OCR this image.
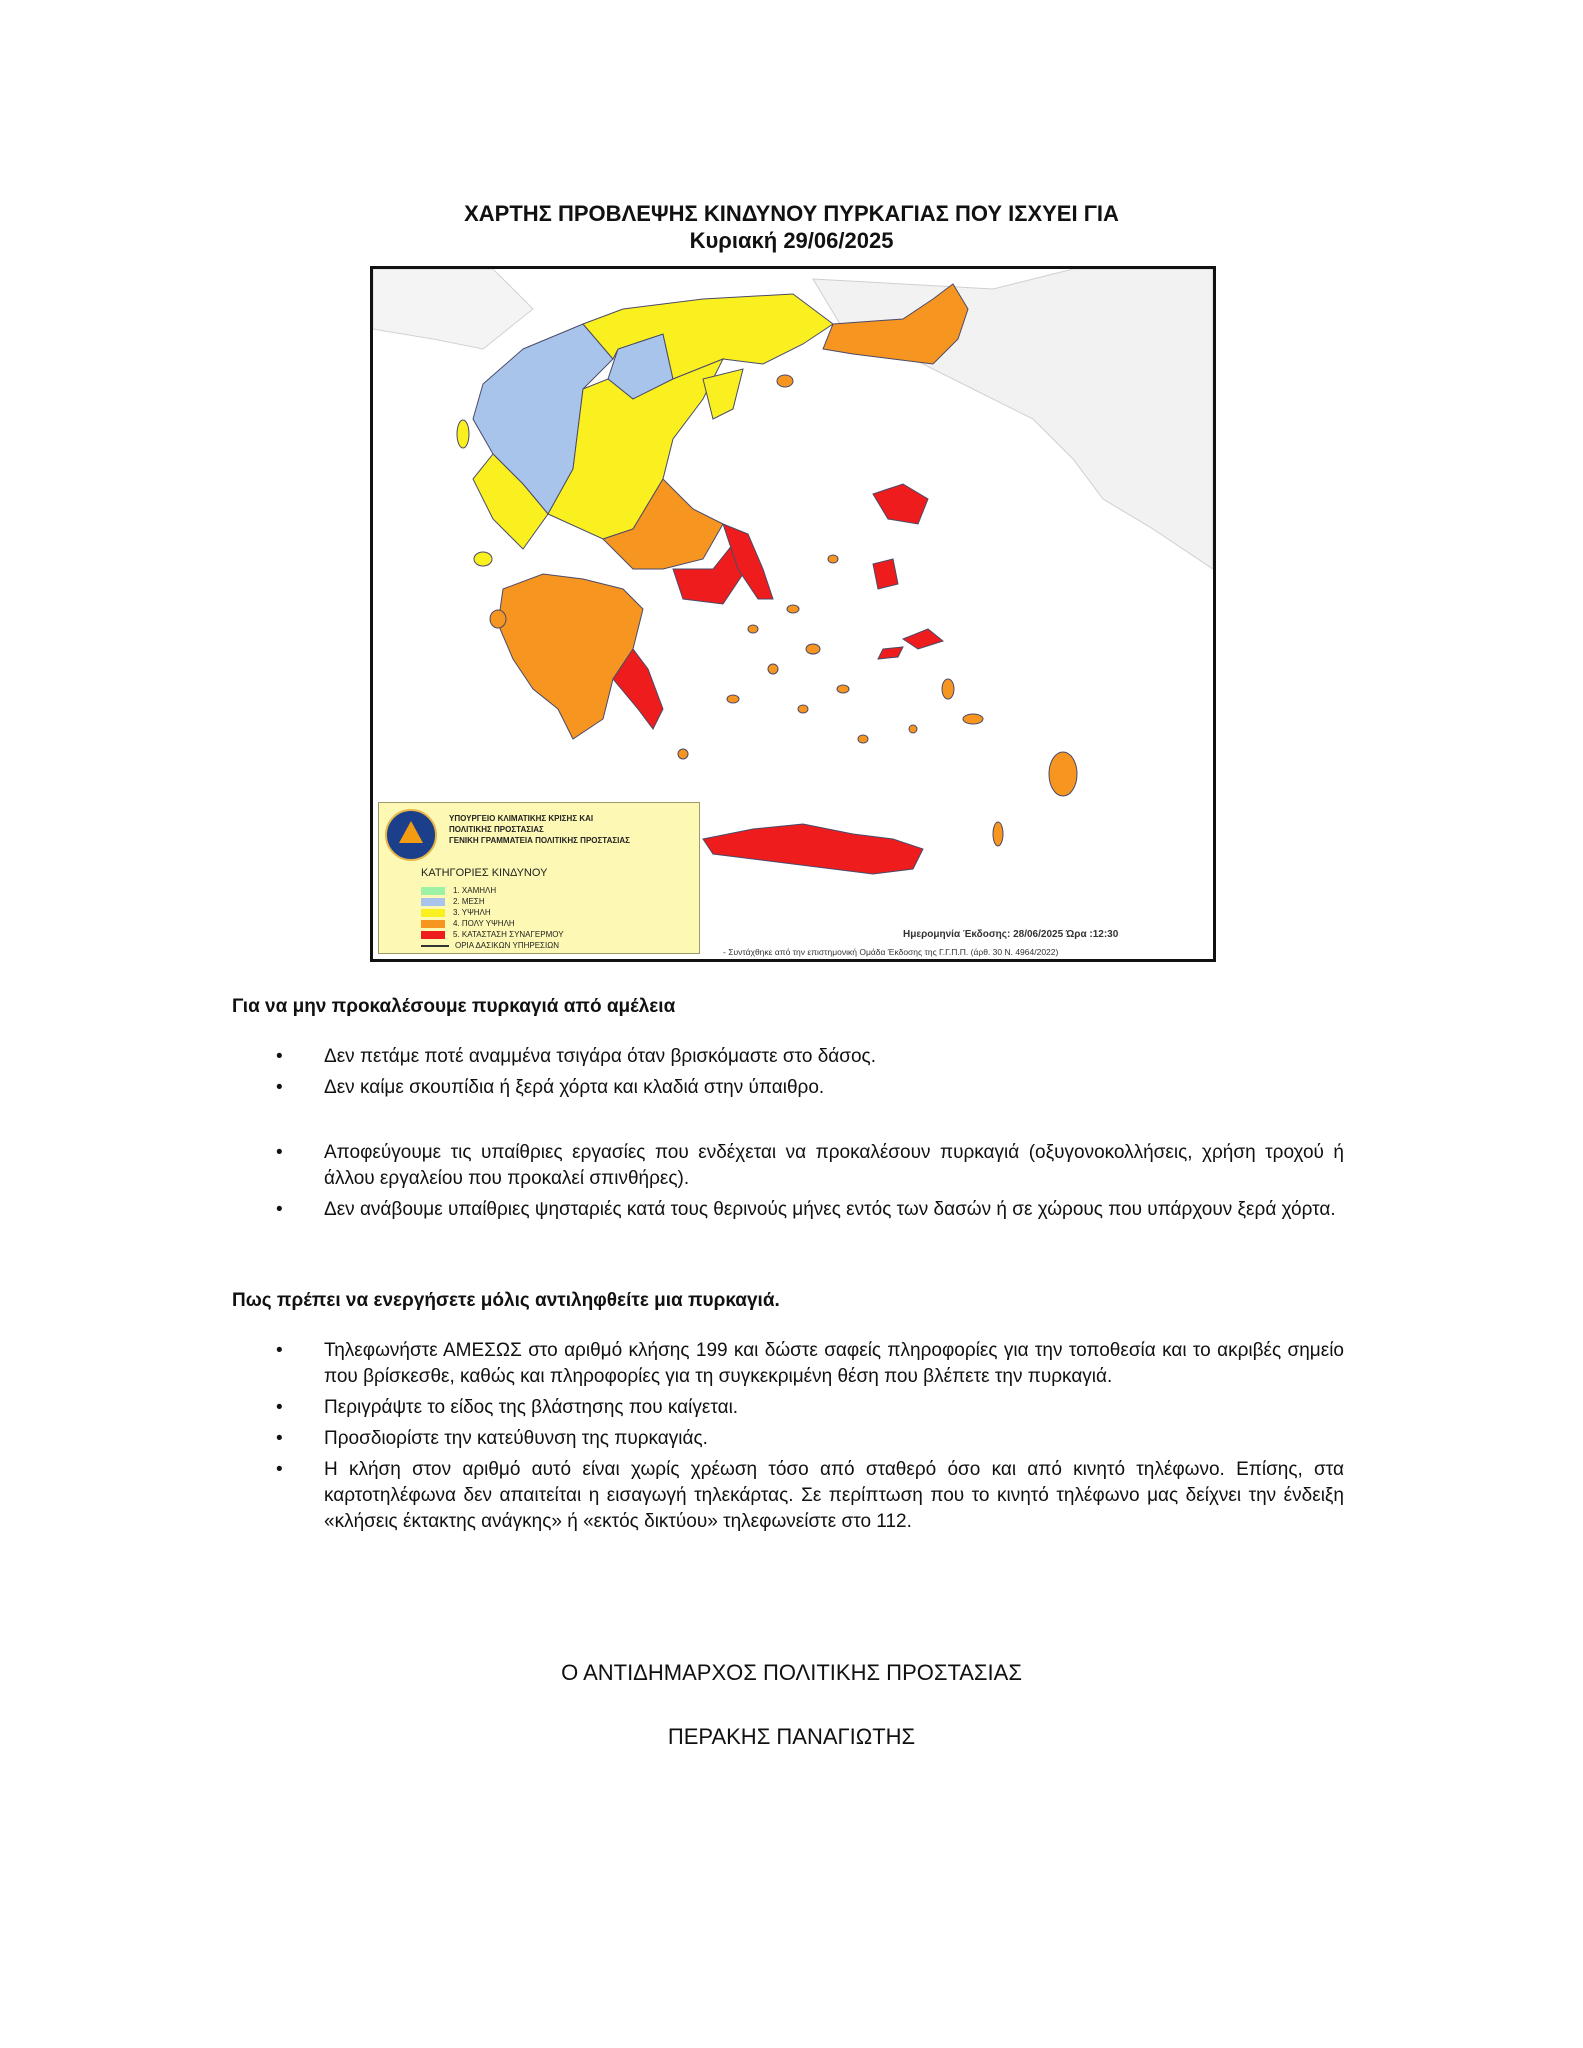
ΧΑΡΤΗΣ ΠΡΟΒΛΕΨΗΣ ΚΙΝΔΥΝΟΥ ΠΥΡΚΑΓΙΑΣ ΠΟΥ ΙΣΧΥΕΙ ΓΙΑ
Κυριακή 29/06/2025
ΥΠΟΥΡΓΕΙΟ ΚΛΙΜΑΤΙΚΗΣ ΚΡΙΣΗΣ ΚΑΙ
ΠΟΛΙΤΙΚΗΣ ΠΡΟΣΤΑΣΙΑΣ
ΓΕΝΙΚΗ ΓΡΑΜΜΑΤΕΙΑ ΠΟΛΙΤΙΚΗΣ ΠΡΟΣΤΑΣΙΑΣ
ΚΑΤΗΓΟΡΙΕΣ ΚΙΝΔΥΝΟΥ
1. ΧΑΜΗΛΗ
2. ΜΕΣΗ
3. ΥΨΗΛΗ
4. ΠΟΛΥ ΥΨΗΛΗ
5. ΚΑΤΑΣΤΑΣΗ ΣΥΝΑΓΕΡΜΟΥ
ΟΡΙΑ ΔΑΣΙΚΩΝ ΥΠΗΡΕΣΙΩΝ
Ημερομηνία Έκδοσης: 28/06/2025 Ώρα :12:30
- Συντάχθηκε από την επιστημονική Ομάδα Έκδοσης της Γ.Γ.Π.Π. (άρθ. 30 Ν. 4964/2022)
Για να μην προκαλέσουμε πυρκαγιά από αμέλεια
• Δεν πετάμε ποτέ αναμμένα τσιγάρα όταν βρισκόμαστε στο δάσος.
• Δεν καίμε σκουπίδια ή ξερά χόρτα και κλαδιά στην ύπαιθρο.
• Αποφεύγουμε τις υπαίθριες εργασίες που ενδέχεται να προκαλέσουν πυρκαγιά (οξυγονοκολλήσεις, χρήση τροχού ή άλλου εργαλείου που προκαλεί σπινθήρες).
• Δεν ανάβουμε υπαίθριες ψησταριές κατά τους θερινούς μήνες εντός των δασών ή σε χώρους που υπάρχουν ξερά χόρτα.
Πως πρέπει να ενεργήσετε μόλις αντιληφθείτε μια πυρκαγιά.
• Τηλεφωνήστε ΑΜΕΣΩΣ στο αριθμό κλήσης 199 και δώστε σαφείς πληροφορίες για την τοποθεσία και το ακριβές σημείο που βρίσκεσθε, καθώς και πληροφορίες για τη συγκεκριμένη θέση που βλέπετε την πυρκαγιά.
• Περιγράψτε το είδος της βλάστησης που καίγεται.
• Προσδιορίστε την κατεύθυνση της πυρκαγιάς.
• Η κλήση στον αριθμό αυτό είναι χωρίς χρέωση τόσο από σταθερό όσο και από κινητό τηλέφωνο. Επίσης, στα καρτοτηλέφωνα δεν απαιτείται η εισαγωγή τηλεκάρτας. Σε περίπτωση που το κινητό τηλέφωνο μας δείχνει την ένδειξη «κλήσεις έκτακτης ανάγκης» ή «εκτός δικτύου» τηλεφωνείστε στο 112.
Ο ΑΝΤΙΔΗΜΑΡΧΟΣ ΠΟΛΙΤΙΚΗΣ ΠΡΟΣΤΑΣΙΑΣ
ΠΕΡΑΚΗΣ ΠΑΝΑΓΙΩΤΗΣ
